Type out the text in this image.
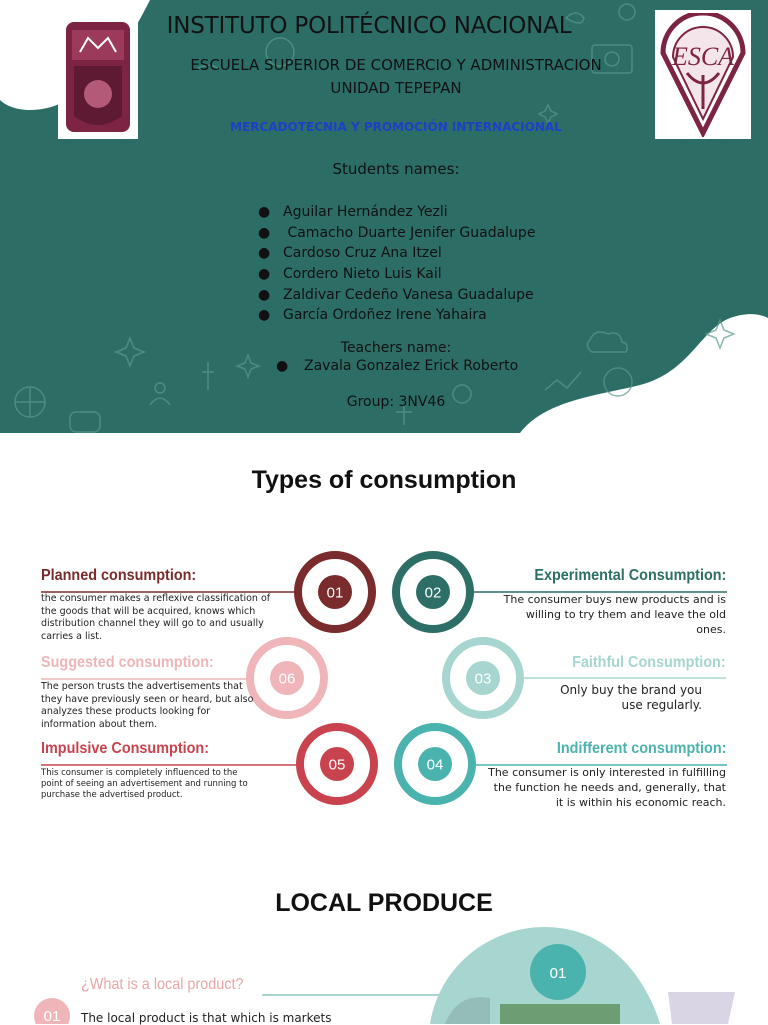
ESCA
INSTITUTO POLITÉCNICO NACIONAL
ESCUELA SUPERIOR DE COMERCIO Y ADMINISTRACION
UNIDAD TEPEPAN
MERCADOTECNIA Y PROMOCIÓN INTERNACIONAL
Students names:
● Aguilar Hernández Yezli
● Camacho Duarte Jenifer Guadalupe
● Cardoso Cruz Ana Itzel
● Cordero Nieto Luis Kail
● Zaldivar Cedeño Vanesa Guadalupe
● García Ordoñez Irene Yahaira
Teachers name:
● Zavala Gonzalez Erick Roberto
Group: 3NV46
Types of consumption
01	02
03
04
05
06
Planned consumption:
the consumer makes a reflexive classification of the goods that will be acquired, knows which distribution channel they will go to and usually carries a list.
Experimental Consumption:
The consumer buys new products and is willing to try them and leave the old ones.
Faithful Consumption:
Only buy the brand you use regularly.
Indifferent consumption:
The consumer is only interested in fulfilling the function he needs and, generally, that it is within his economic reach.
Impulsive Consumption:
This consumer is completely influenced to the point of seeing an advertisement and running to purchase the advertised product.
Suggested consumption:
The person trusts the advertisements that they have previously seen or heard, but also analyzes these products looking for information about them.
LOCAL PRODUCE
01
01
¿What is a local product?
The local product is that which is markets
